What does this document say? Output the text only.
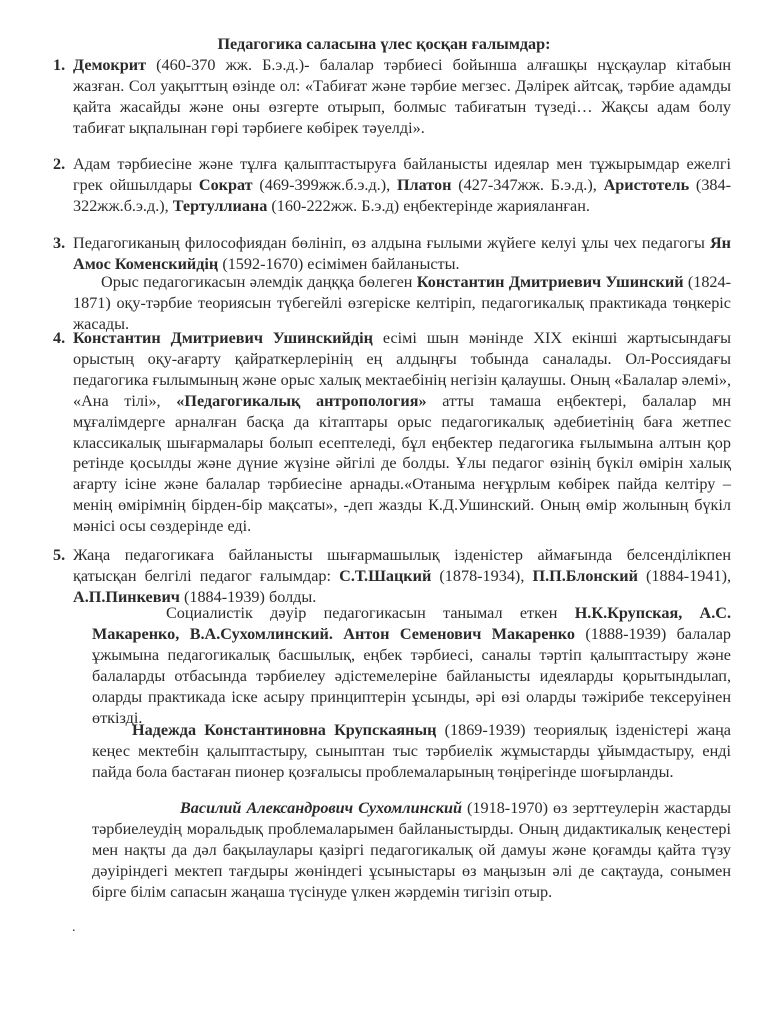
Педагогика саласына үлес қосқан ғалымдар:
1. Демокрит (460-370 жж. Б.э.д.)- балалар тәрбиесі бойынша алғашқы нұсқаулар кітабын жазған. Сол уақыттың өзінде ол: «Табиғат және тәрбие мегзес. Дәлірек айтсақ, тәрбие адамды қайта жасайды және оны өзгерте отырып, болмыс табиғатын түзеді… Жақсы адам болу табиғат ықпалынан гөрі тәрбиеге көбірек тәуелді».
2. Адам тәрбиесіне және тұлға қалыптастыруға байланысты идеялар мен тұжырымдар ежелгі грек ойшылдары Сократ (469-399жж.б.э.д.), Платон (427-347жж. Б.э.д.), Аристотель (384-322жж.б.э.д.), Тертуллиана (160-222жж. Б.э.д) еңбектерінде жарияланған.
3. Педагогиканың философиядан бөлініп, өз алдына ғылыми жүйеге келуі ұлы чех педагогы Ян Амос Коменскийдің (1592-1670) есімімен байланысты.
Орыс педагогикасын әлемдік даңққа бөлеген Константин Дмитриевич Ушинский (1824-1871) оқу-тәрбие теориясын түбегейлі өзгеріске келтіріп, педагогикалық практикада төңкеріс жасады.
4. Константин Дмитриевич Ушинскийдің есімі шын мәнінде XIX екінші жартысындағы орыстың оқу-ағарту қайраткерлерінің ең алдыңғы тобында саналады. Ол-Россиядағы педагогика ғылымының және орыс халық мектаебінің негізін қалаушы. Оның «Балалар әлемі», «Ана тілі», «Педагогикалық антропология» атты тамаша еңбектері, балалар мн мұғалімдерге арналған басқа да кітаптары орыс педагогикалық әдебиетінің баға жетпес классикалық шығармалары болып есептеледі, бұл еңбектер педагогика ғылымына алтын қор ретінде қосылды және дүние жүзіне әйгілі де болды. Ұлы педагог өзінің бүкіл өмірін халық ағарту ісіне және балалар тәрбиесіне арнады.«Отаныма неғұрлым көбірек пайда келтіру –менің өмірімнің бірден-бір мақсаты», -деп жазды К.Д.Ушинский. Оның өмір жолының бүкіл мәнісі осы сөздерінде еді.
5. Жаңа педагогикаға байланысты шығармашылық ізденістер аймағында белсенділікпен қатысқан белгілі педагог ғалымдар: С.Т.Шацкий (1878-1934), П.П.Блонский (1884-1941), А.П.Пинкевич (1884-1939) болды.
Социалистік дәуір педагогикасын танымал еткен Н.К.Крупская, А.С. Макаренко, В.А.Сухомлинский. Антон Семенович Макаренко (1888-1939) балалар ұжымына педагогикалық басшылық, еңбек тәрбиесі, саналы тәртіп қалыптастыру және балаларды отбасында тәрбиелеу әдістемелеріне байланысты идеяларды қорытындылап, оларды практикада іске асыру принциптерін ұсынды, әрі өзі оларды тәжірибе тексеруінен өткізді.
Надежда Константиновна Крупскаяның (1869-1939) теориялық ізденістері жаңа кеңес мектебін қалыптастыру, сыныптан тыс тәрбиелік жұмыстарды ұйымдастыру, енді пайда бола бастаған пионер қозғалысы проблемаларының төңірегінде шоғырланды.
Василий Александрович Сухомлинский (1918-1970) өз зерттеулерін жастарды тәрбиелеудің моральдық проблемаларымен байланыстырды. Оның дидактикалық кеңестері мен нақты да дәл бақылаулары қазіргі педагогикалық ой дамуы және қоғамды қайта түзу дәуіріндегі мектеп тағдыры жөніндегі ұсыныстары өз маңызын әлі де сақтауда, сонымен бірге білім сапасын жаңаша түсінуде үлкен жәрдемін тигізіп отыр.
.
